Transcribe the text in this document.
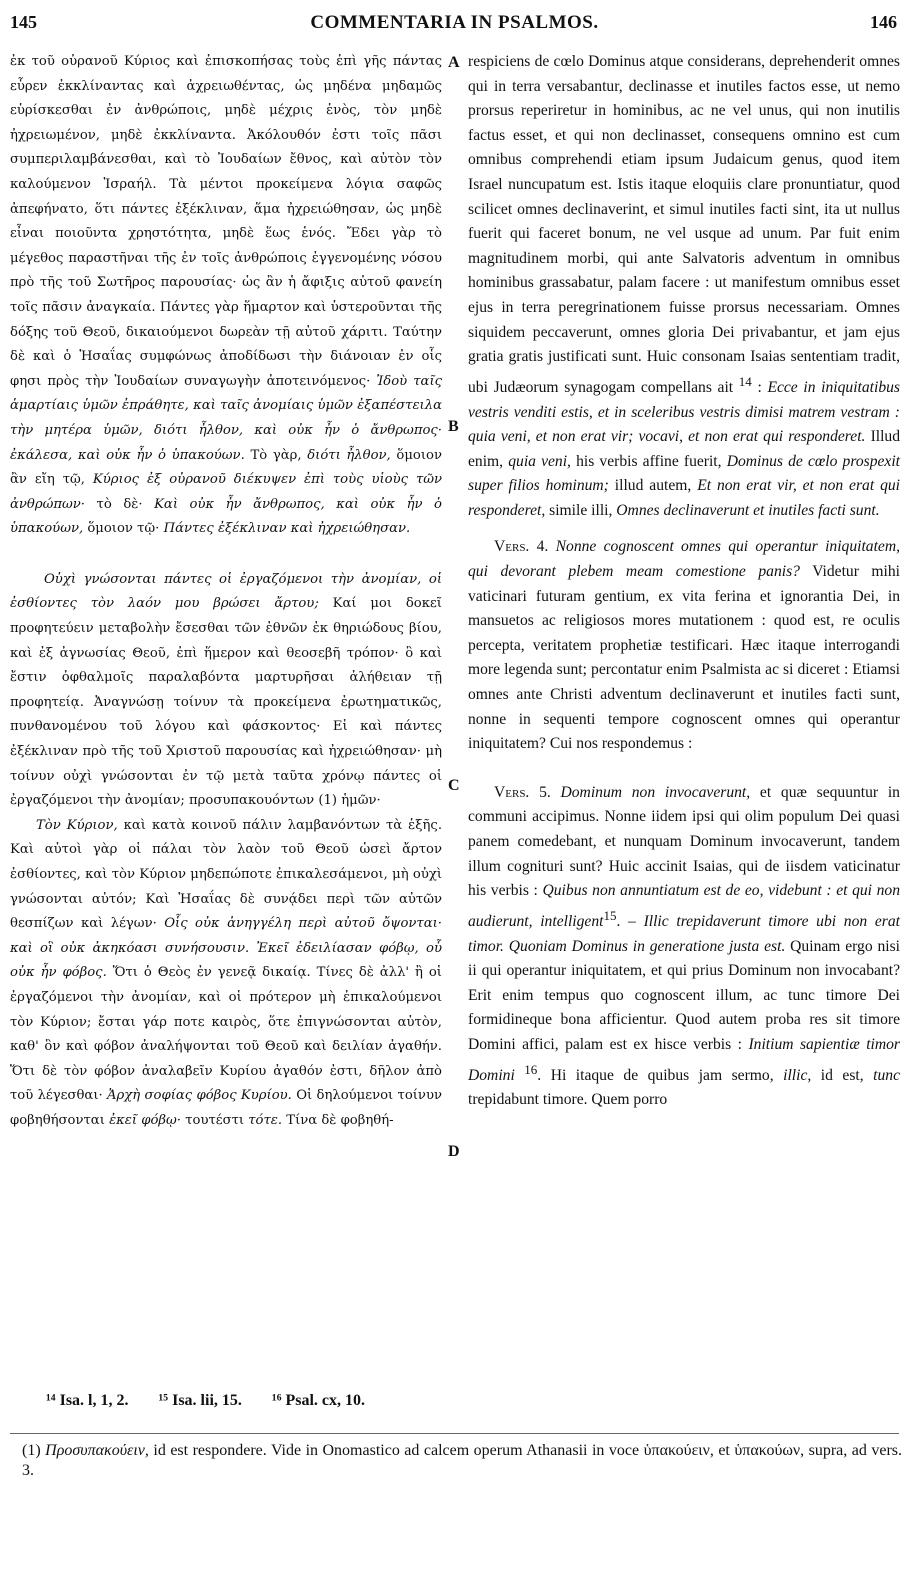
145	COMMENTARIA IN PSALMOS.	146

ἐκ τοῦ οὐρανοῦ Κύριος καὶ ἐπισκοπήσας τοὺς ἐπὶ γῆς πάντας εὗρεν ἐκκλίναντας καὶ ἀχρειωθέντας, ὡς μηδένα μηδαμῶς εὑρίσκεσθαι ἐν ἀνθρώποις, μηδὲ μέχρις ἑνὸς, τὸν μηδὲ ἠχρειωμένον, μηδὲ ἐκκλίναντα. Ἀκόλουθόν ἐστι τοῖς πᾶσι συμπεριλαμβάνεσθαι, καὶ τὸ Ἰουδαίων ἔθνος, καὶ αὐτὸν τὸν καλούμενον Ἰσραήλ. Τὰ μέντοι προκείμενα λόγια σαφῶς ἀπεφήνατο, ὅτι πάντες ἐξέκλιναν, ἅμα ἠχρειώθησαν, ὡς μηδὲ εἶναι ποιοῦντα χρηστότητα, μηδὲ ἕως ἑνός. Ἔδει γὰρ τὸ μέγεθος παραστῆναι τῆς ἐν τοῖς ἀνθρώποις ἐγγενομένης νόσου πρὸ τῆς τοῦ Σωτῆρος παρουσίας· ὡς ἂν ἡ ἄφιξις αὐτοῦ φανείη τοῖς πᾶσιν ἀναγκαία. Πάντες γὰρ ἥμαρτον καὶ ὑστεροῦνται τῆς δόξης τοῦ Θεοῦ, δικαιούμενοι δωρεὰν τῇ αὐτοῦ χάριτι. Ταύτην δὲ καὶ ὁ Ἡσαΐας συμφώνως ἀποδίδωσι τὴν διάνοιαν ἐν οἷς φησι πρὸς τὴν Ἰουδαίων συναγωγὴν ἀποτεινόμενος· Ἰδοὺ ταῖς ἁμαρτίαις ὑμῶν ἐπράθητε, καὶ ταῖς ἀνομίαις ὑμῶν ἐξαπέστειλα τὴν μητέρα ὑμῶν, διότι ἦλθον, καὶ οὐκ ἦν ὁ ἄνθρωπος· ἐκάλεσα, καὶ οὐκ ἦν ὁ ὑπακούων. Τὸ γὰρ, διότι ἦλθον, ὅμοιον ἂν εἴη τῷ, Κύριος ἐξ οὐρανοῦ διέκυψεν ἐπὶ τοὺς υἱοὺς τῶν ἀνθρώπων· τὸ δὲ· Καὶ οὐκ ἦν ἄνθρωπος, καὶ οὐκ ἦν ὁ ὑπακούων, ὅμοιον τῷ· Πάντες ἐξέκλιναν καὶ ἠχρειώθησαν.

Οὐχὶ γνώσονται πάντες οἱ ἐργαζόμενοι τὴν ἀνομίαν, οἱ ἐσθίοντες τὸν λαόν μου βρώσει ἄρτου; Καί μοι δοκεῖ προφητεύειν μεταβολὴν ἔσεσθαι τῶν ἐθνῶν ἐκ θηριώδους βίου, καὶ ἐξ ἀγνωσίας Θεοῦ, ἐπὶ ἥμερον καὶ θεοσεβῆ τρόπον· ὃ καὶ ἔστιν ὀφθαλμοῖς παραλαβόντα μαρτυρῆσαι ἀλήθειαν τῇ προφητείᾳ. Ἀναγνώσῃ τοίνυν τὰ προκείμενα ἐρωτηματικῶς, πυνθανομένου τοῦ λόγου καὶ φάσκοντος· Εἰ καὶ πάντες ἐξέκλιναν πρὸ τῆς τοῦ Χριστοῦ παρουσίας καὶ ἠχρειώθησαν· μὴ τοίνυν οὐχὶ γνώσονται ἐν τῷ μετὰ ταῦτα χρόνῳ πάντες οἱ ἐργαζόμενοι τὴν ἀνομίαν; προσυπακουόντων (1) ἡμῶν·

Τὸν Κύριον, καὶ κατὰ κοινοῦ πάλιν λαμβανόντων τὰ ἑξῆς. Καὶ αὐτοὶ γὰρ οἱ πάλαι τὸν λαὸν τοῦ Θεοῦ ὡσεὶ ἄρτον ἐσθίοντες, καὶ τὸν Κύριον μηδεπώποτε ἐπικαλεσάμενοι, μὴ οὐχὶ γνώσονται αὐτόν; Καὶ Ἡσαΐας δὲ συνᾴδει περὶ τῶν αὐτῶν θεσπίζων καὶ λέγων· Οἷς οὐκ ἀνηγγέλη περὶ αὐτοῦ ὄψονται· καὶ οἳ οὐκ ἀκηκόασι συνήσουσιν. Ἐκεῖ ἐδειλίασαν φόβῳ, οὗ οὐκ ἦν φόβος. Ὅτι ὁ Θεὸς ἐν γενεᾷ δικαίᾳ. Τίνες δὲ ἀλλ' ἢ οἱ ἐργαζόμενοι τὴν ἀνομίαν, καὶ οἱ πρότερον μὴ ἐπικαλούμενοι τὸν Κύριον; ἔσται γάρ ποτε καιρὸς, ὅτε ἐπιγνώσονται αὐτὸν, καθ' ὃν καὶ φόβον ἀναλήψονται τοῦ Θεοῦ καὶ δειλίαν ἀγαθήν. Ὅτι δὲ τὸν φόβον ἀναλαβεῖν Κυρίου ἀγαθόν ἐστι, δῆλον ἀπὸ τοῦ λέγεσθαι· Ἀρχὴ σοφίας φόβος Κυρίου. Οἱ δηλούμενοι τοίνυν φοβηθήσονται ἐκεῖ φόβῳ· τουτέστι τότε. Τίνα δὲ φοβηθή-

A
B
C
D

respiciens de cœlo Dominus atque considerans, deprehenderit omnes qui in terra versabantur, declinasse et inutiles factos esse, ut nemo prorsus reperiretur in hominibus, ac ne vel unus, qui non inutilis factus esset, et qui non declinasset, consequens omnino est cum omnibus comprehendi etiam ipsum Judaicum genus, quod item Israel nuncupatum est. Istis itaque eloquiis clare pronuntiatur, quod scilicet omnes declinaverint, et simul inutiles facti sint, ita ut nullus fuerit qui faceret bonum, ne vel usque ad unum. Par fuit enim magnitudinem morbi, qui ante Salvatoris adventum in omnibus hominibus grassabatur, palam facere : ut manifestum omnibus esset ejus in terra peregrinationem fuisse prorsus necessariam. Omnes siquidem peccaverunt, omnes gloria Dei privabantur, et jam ejus gratia gratis justificati sunt. Huic consonam Isaias sententiam tradit, ubi Judæorum synagogam compellans ait $^{14}$ : Ecce in iniquitatibus vestris venditi estis, et in sceleribus vestris dimisi matrem vestram : quia veni, et non erat vir; vocavi, et non erat qui responderet. Illud enim, quia veni, his verbis affine fuerit, Dominus de cœlo prospexit super filios hominum; illud autem, Et non erat vir, et non erat qui responderet, simile illi, Omnes declinaverunt et inutiles facti sunt.

Vers. 4. Nonne cognoscent omnes qui operantur iniquitatem, qui devorant plebem meam comestione panis? Videtur mihi vaticinari futuram gentium, ex vita ferina et ignorantia Dei, in mansuetos ac religiosos mores mutationem : quod est, re oculis percepta, veritatem prophetiæ testificari. Hæc itaque interrogandi more legenda sunt; percontatur enim Psalmista ac si diceret : Etiamsi omnes ante Christi adventum declinaverunt et inutiles facti sunt, nonne in sequenti tempore cognoscent omnes qui operantur iniquitatem? Cui nos respondemus :

Vers. 5. Dominum non invocaverunt, et quæ sequuntur in communi accipimus. Nonne iidem ipsi qui olim populum Dei quasi panem comedebant, et nunquam Dominum invocaverunt, tandem illum cognituri sunt? Huic accinit Isaias, qui de iisdem vaticinatur his verbis : Quibus non annuntiatum est de eo, videbunt : et qui non audierunt, intelligent$^{15}$. – Illic trepidaverunt timore ubi non erat timor. Quoniam Dominus in generatione justa est. Quinam ergo nisi ii qui operantur iniquitatem, et qui prius Dominum non invocabant? Erit enim tempus quo cognoscent illum, ac tunc timore Dei formidineque bona afficientur. Quod autem proba res sit timore Domini affici, palam est ex hisce verbis : Initium sapientiæ timor Domini $^{16}$. Hi itaque de quibus jam sermo, illic, id est, tunc trepidabunt timore. Quem porro

¹⁴ Isa. l, 1, 2. ¹⁵ Isa. lii, 15. ¹⁶ Psal. cx, 10.
(1) Προσυπακούειν, id est respondere. Vide in Onomastico ad calcem operum Athanasii in voce ὑπακούειν, et ὑπακούων, supra, ad vers. 3.
